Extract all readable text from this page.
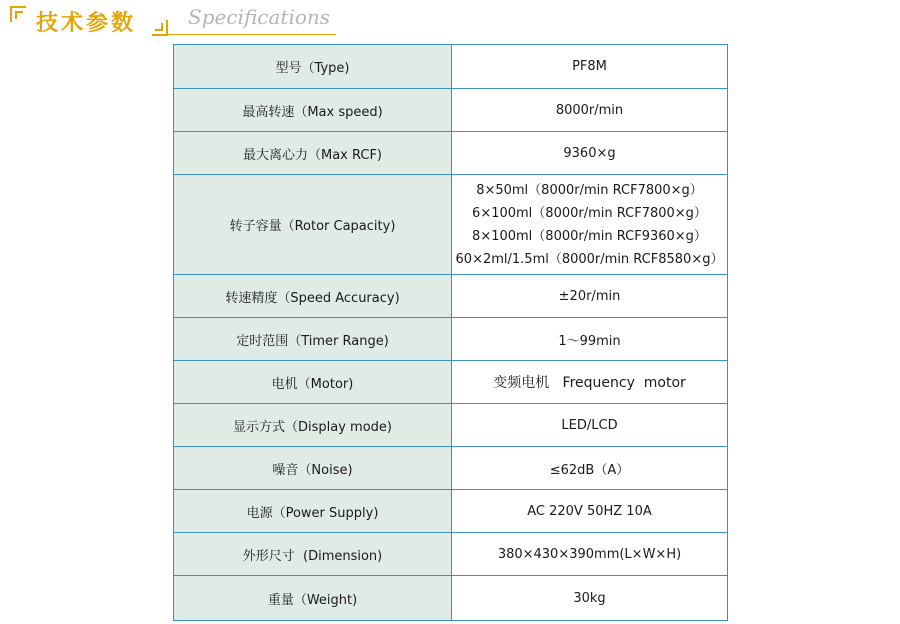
技术参数	Specifications
型号（Type)	PF8M
最高转速（Max speed)	8000r/min
最大离心力（Max RCF)	9360×g
转子容量（Rotor Capacity)	8×50ml（8000r/min RCF7800×g）
6×100ml（8000r/min RCF7800×g）
8×100ml（8000r/min RCF9360×g）
60×2ml/1.5ml（8000r/min RCF8580×g）

转速精度（Speed Accuracy)	±20r/min
定时范围（Timer Range)	1～99min
电机（Motor)	变频电机   Frequency  motor
显示方式（Display mode)	LED/LCD
噪音（Noise)	≤62dB（A）
电源（Power Supply)	AC 220V 50HZ 10A
外形尺寸  (Dimension)	380×430×390mm(L×W×H)
重量（Weight)	30kg
